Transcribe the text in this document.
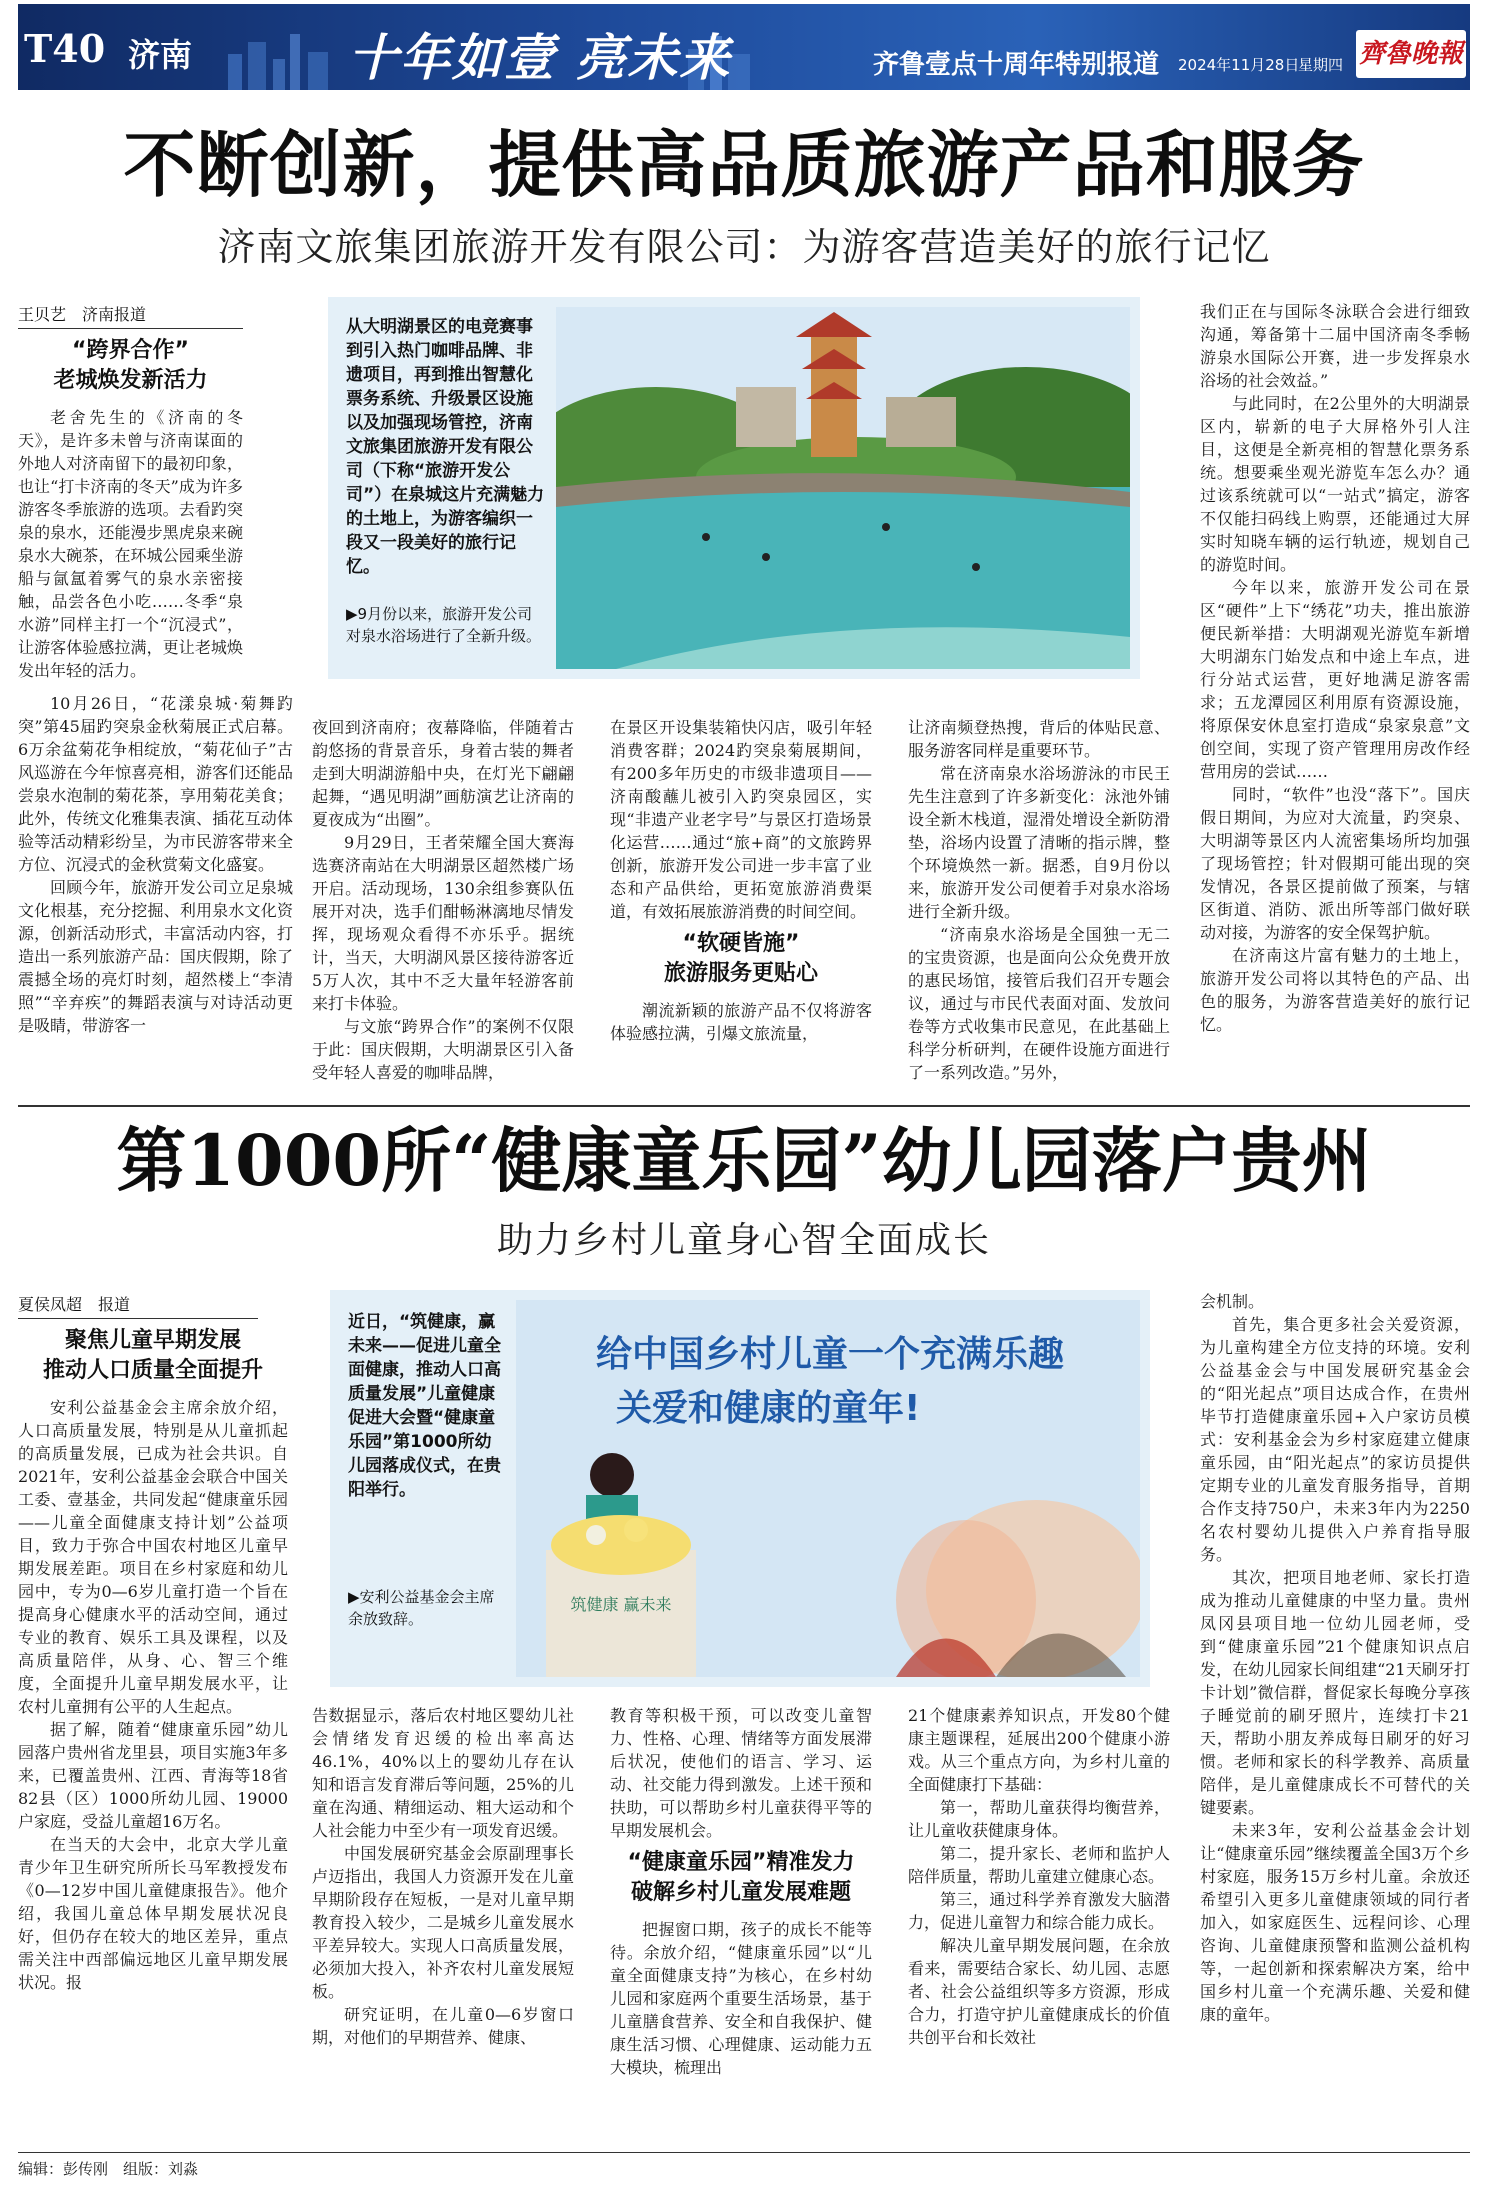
T40 济南	十年如壹 亮未来	齐鲁壹点十周年特别报道 2024年11月28日
星期四 齊魯晚報
不断创新，提供高品质旅游产品和服务
济南文旅集团旅游开发有限公司：为游客营造美好的旅行记忆
王贝艺　济南报道
从大明湖景区的电竞赛事到引入热门咖啡品牌、非遗项目，再到推出智慧化票务系统、升级景区设施以及加强现场管控，济南文旅集团旅游开发有限公司（下称“旅游开发公司”）在泉城这片充满魅力的土地上，为游客编织一段又一段美好的旅行记忆。
▶9月份以来，旅游开发公司对泉水浴场进行了全新升级。
“跨界合作”
老城焕发新活力

老舍先生的《济南的冬天》，是许多未曾与济南谋面的外地人对济南留下的最初印象，也让“打卡济南的冬天”成为许多游客冬季旅游的选项。去看趵突泉的泉水，还能漫步黑虎泉来碗泉水大碗茶，在环城公园乘坐游船与氤氲着雾气的泉水亲密接触，品尝各色小吃……冬季“泉水游”同样主打一个“沉浸式”，让游客体验感拉满，更让老城焕发出年轻的活力。

10月26日，“花漾泉城·菊舞趵突”第45届趵突泉金秋菊展正式启幕。6万余盆菊花争相绽放，“菊花仙子”古风巡游在今年惊喜亮相，游客们还能品尝泉水泡制的菊花茶，享用菊花美食；此外，传统文化雅集表演、插花互动体验等活动精彩纷呈，为市民游客带来全方位、沉浸式的金秋赏菊文化盛宴。

回顾今年，旅游开发公司立足泉城文化根基，充分挖掘、利用泉水文化资源，创新活动形式，丰富活动内容，打造出一系列旅游产品：国庆假期，除了震撼全场的亮灯时刻，超然楼上“李清照”“辛弃疾”的舞蹈表演与对诗活动更是吸睛，带游客一

夜回到济南府；夜幕降临，伴随着古韵悠扬的背景音乐，身着古装的舞者走到大明湖游船中央，在灯光下翩翩起舞，“遇见明湖”画舫演艺让济南的夏夜成为“出圈”。

9月29日，王者荣耀全国大赛海选赛济南站在大明湖景区超然楼广场开启。活动现场，130余组参赛队伍展开对决，选手们酣畅淋漓地尽情发挥，现场观众看得不亦乐乎。据统计，当天，大明湖风景区接待游客近5万人次，其中不乏大量年轻游客前来打卡体验。

与文旅“跨界合作”的案例不仅限于此：国庆假期，大明湖景区引入备受年轻人喜爱的咖啡品牌，

在景区开设集装箱快闪店，吸引年轻消费客群；2024趵突泉菊展期间，有200多年历史的市级非遗项目——济南酸蘸儿被引入趵突泉园区，实现“非遗产业老字号”与景区打造场景化运营……通过“旅+商”的文旅跨界创新，旅游开发公司进一步丰富了业态和产品供给，更拓宽旅游消费渠道，有效拓展旅游消费的时间空间。

“软硬皆施”
旅游服务更贴心

潮流新颖的旅游产品不仅将游客体验感拉满，引爆文旅流量，

让济南频登热搜，背后的体贴民意、服务游客同样是重要环节。

常在济南泉水浴场游泳的市民王先生注意到了许多新变化：泳池外铺设全新木栈道，湿滑处增设全新防滑垫，浴场内设置了清晰的指示牌，整个环境焕然一新。据悉，自9月份以来，旅游开发公司便着手对泉水浴场进行全新升级。

“济南泉水浴场是全国独一无二的宝贵资源，也是面向公众免费开放的惠民场馆，接管后我们召开专题会议，通过与市民代表面对面、发放问卷等方式收集市民意见，在此基础上科学分析研判，在硬件设施方面进行了一系列改造。”另外，

我们正在与国际冬泳联合会进行细致沟通，筹备第十二届中国济南冬季畅游泉水国际公开赛，进一步发挥泉水浴场的社会效益。”

与此同时，在2公里外的大明湖景区内，崭新的电子大屏格外引人注目，这便是全新亮相的智慧化票务系统。想要乘坐观光游览车怎么办？通过该系统就可以“一站式”搞定，游客不仅能扫码线上购票，还能通过大屏实时知晓车辆的运行轨迹，规划自己的游览时间。

今年以来，旅游开发公司在景区“硬件”上下“绣花”功夫，推出旅游便民新举措：大明湖观光游览车新增大明湖东门始发点和中途上车点，进行分站式运营，更好地满足游客需求；五龙潭园区利用原有资源设施，将原保安休息室打造成“泉家泉意”文创空间，实现了资产管理用房改作经营用房的尝试……

同时，“软件”也没“落下”。国庆假日期间，为应对大流量，趵突泉、大明湖等景区内人流密集场所均加强了现场管控；针对假期可能出现的突发情况，各景区提前做了预案，与辖区街道、消防、派出所等部门做好联动对接，为游客的安全保驾护航。

在济南这片富有魅力的土地上，旅游开发公司将以其特色的产品、出色的服务，为游客营造美好的旅行记忆。

第1000所“健康童乐园”幼儿园落户贵州
助力乡村儿童身心智全面成长
夏侯凤超　报道
近日，“筑健康，赢未来——促进儿童全面健康，推动人口高质量发展”儿童健康促进大会暨“健康童乐园”第1000所幼儿园落成仪式，在贵阳举行。
▶安利公益基金会主席余放致辞。
筑健康 赢未来
给中国乡村儿童一个充满乐趣
关爱和健康的童年!
聚焦儿童早期发展
推动人口质量全面提升

安利公益基金会主席余放介绍，人口高质量发展，特别是从儿童抓起的高质量发展，已成为社会共识。自2021年，安利公益基金会联合中国关工委、壹基金，共同发起“健康童乐园——儿童全面健康支持计划”公益项目，致力于弥合中国农村地区儿童早期发展差距。项目在乡村家庭和幼儿园中，专为0—6岁儿童打造一个旨在提高身心健康水平的活动空间，通过专业的教育、娱乐工具及课程，以及高质量陪伴，从身、心、智三个维度，全面提升儿童早期发展水平，让农村儿童拥有公平的人生起点。

据了解，随着“健康童乐园”幼儿园落户贵州省龙里县，项目实施3年多来，已覆盖贵州、江西、青海等18省82县（区）1000所幼儿园、19000户家庭，受益儿童超16万名。

在当天的大会中，北京大学儿童青少年卫生研究所所长马军教授发布《0—12岁中国儿童健康报告》。他介绍，我国儿童总体早期发展状况良好，但仍存在较大的地区差异，重点需关注中西部偏远地区儿童早期发展状况。报

告数据显示，落后农村地区婴幼儿社会情绪发育迟缓的检出率高达46.1%，40%以上的婴幼儿存在认知和语言发育滞后等问题，25%的儿童在沟通、精细运动、粗大运动和个人社会能力中至少有一项发育迟缓。

中国发展研究基金会原副理事长卢迈指出，我国人力资源开发在儿童早期阶段存在短板，一是对儿童早期教育投入较少，二是城乡儿童发展水平差异较大。实现人口高质量发展，必须加大投入，补齐农村儿童发展短板。

研究证明，在儿童0—6岁窗口期，对他们的早期营养、健康、

教育等积极干预，可以改变儿童智力、性格、心理、情绪等方面发展滞后状况，使他们的语言、学习、运动、社交能力得到激发。上述干预和扶助，可以帮助乡村儿童获得平等的早期发展机会。

“健康童乐园”精准发力
破解乡村儿童发展难题

把握窗口期，孩子的成长不能等待。余放介绍，“健康童乐园”以“儿童全面健康支持”为核心，在乡村幼儿园和家庭两个重要生活场景，基于儿童膳食营养、安全和自我保护、健康生活习惯、心理健康、运动能力五大模块，梳理出

21个健康素养知识点，开发80个健康主题课程，延展出200个健康小游戏。从三个重点方向，为乡村儿童的全面健康打下基础：

第一，帮助儿童获得均衡营养，让儿童收获健康身体。

第二，提升家长、老师和监护人陪伴质量，帮助儿童建立健康心态。

第三，通过科学养育激发大脑潜力，促进儿童智力和综合能力成长。

解决儿童早期发展问题，在余放看来，需要结合家长、幼儿园、志愿者、社会公益组织等多方资源，形成合力，打造守护儿童健康成长的价值共创平台和长效社

会机制。

首先，集合更多社会关爱资源，为儿童构建全方位支持的环境。安利公益基金会与中国发展研究基金会的“阳光起点”项目达成合作，在贵州毕节打造健康童乐园+入户家访员模式：安利基金会为乡村家庭建立健康童乐园，由“阳光起点”的家访员提供定期专业的儿童发育服务指导，首期合作支持750户，未来3年内为2250名农村婴幼儿提供入户养育指导服务。

其次，把项目地老师、家长打造成为推动儿童健康的中坚力量。贵州凤冈县项目地一位幼儿园老师，受到“健康童乐园”21个健康知识点启发，在幼儿园家长间组建“21天刷牙打卡计划”微信群，督促家长每晚分享孩子睡觉前的刷牙照片，连续打卡21天，帮助小朋友养成每日刷牙的好习惯。老师和家长的科学教养、高质量陪伴，是儿童健康成长不可替代的关键要素。

未来3年，安利公益基金会计划让“健康童乐园”继续覆盖全国3万个乡村家庭，服务15万乡村儿童。余放还希望引入更多儿童健康领域的同行者加入，如家庭医生、远程问诊、心理咨询、儿童健康预警和监测公益机构等，一起创新和探索解决方案，给中国乡村儿童一个充满乐趣、关爱和健康的童年。

编辑：彭传刚　组版：刘淼
